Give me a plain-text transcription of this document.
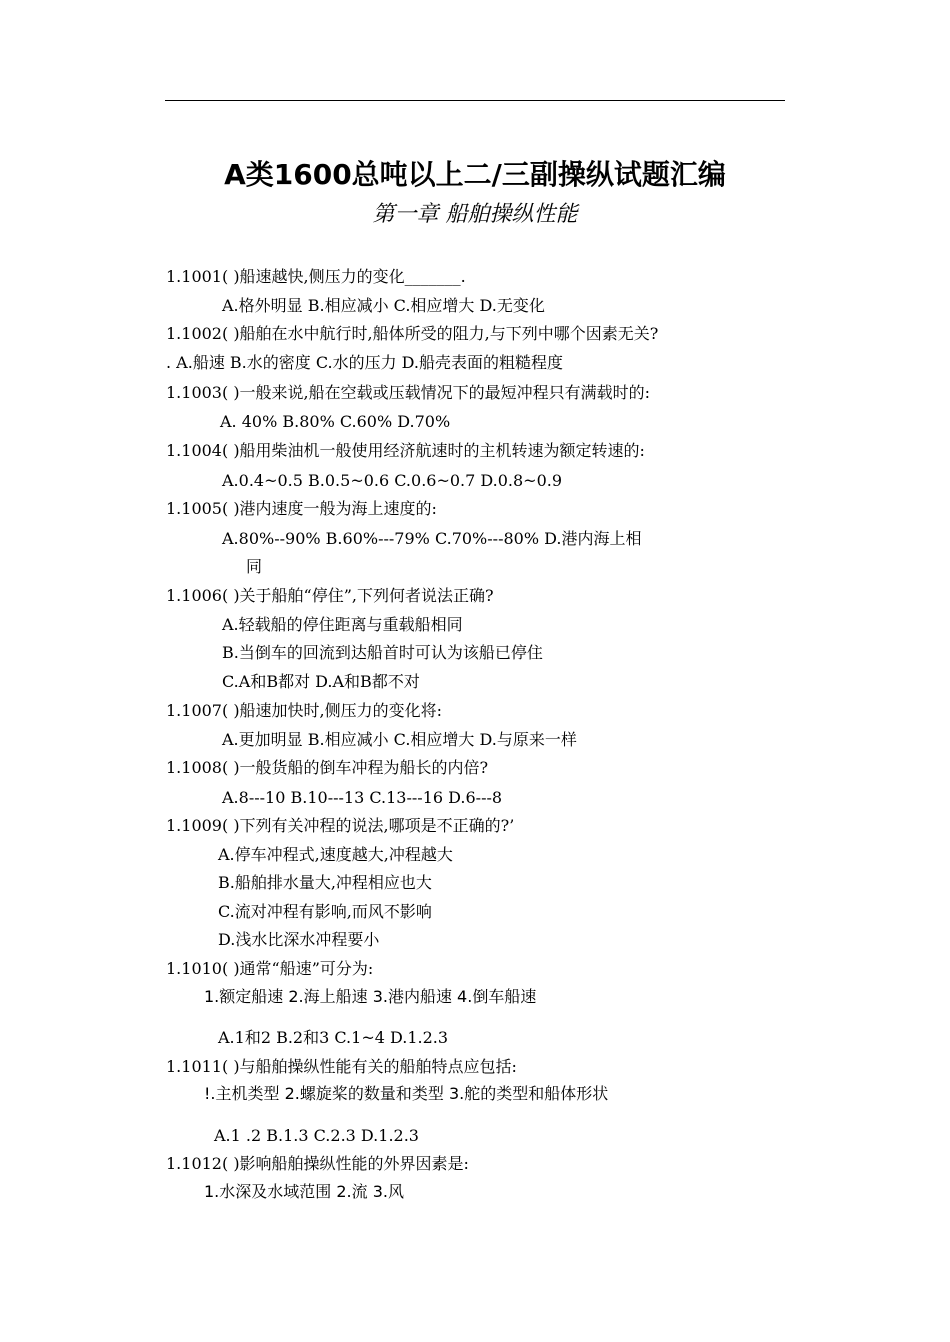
A类1600总吨以上二/三副操纵试题汇编
第一章 船舶操纵性能
1.1001( )船速越快,侧压力的变化_______.
A.格外明显 B.相应减小 C.相应增大 D.无变化
1.1002( )船舶在水中航行时,船体所受的阻力,与下列中哪个因素无关?
. A.船速 B.水的密度 C.水的压力 D.船壳表面的粗糙程度
1.1003( )一般来说,船在空载或压载情况下的最短冲程只有满载时的:
A. 40% B.80% C.60% D.70%
1.1004( )船用柴油机一般使用经济航速时的主机转速为额定转速的:
A.0.4~0.5 B.0.5~0.6 C.0.6~0.7 D.0.8~0.9
1.1005( )港内速度一般为海上速度的:
A.80%--90% B.60%---79% C.70%---80% D.港内海上相
同
1.1006( )关于船舶“停住”,下列何者说法正确?
A.轻载船的停住距离与重载船相同
B.当倒车的回流到达船首时可认为该船已停住
C.A和B都对 D.A和B都不对
1.1007( )船速加快时,侧压力的变化将:
A.更加明显 B.相应减小 C.相应增大 D.与原来一样
1.1008( )一般货船的倒车冲程为船长的内倍?
A.8---10 B.10---13 C.13---16 D.6---8
1.1009( )下列有关冲程的说法,哪项是不正确的?’
A.停车冲程式,速度越大,冲程越大
B.船舶排水量大,冲程相应也大
C.流对冲程有影响,而风不影响
D.浅水比深水冲程要小
1.1010( )通常“船速”可分为:
1.额定船速 2.海上船速 3.港内船速 4.倒车船速
A.1和2 B.2和3 C.1~4 D.1.2.3
1.1011( )与船舶操纵性能有关的船舶特点应包括:
!.主机类型 2.螺旋桨的数量和类型 3.舵的类型和船体形状
A.1 .2 B.1.3 C.2.3 D.1.2.3
1.1012( )影响船舶操纵性能的外界因素是:
1.水深及水域范围 2.流 3.风
